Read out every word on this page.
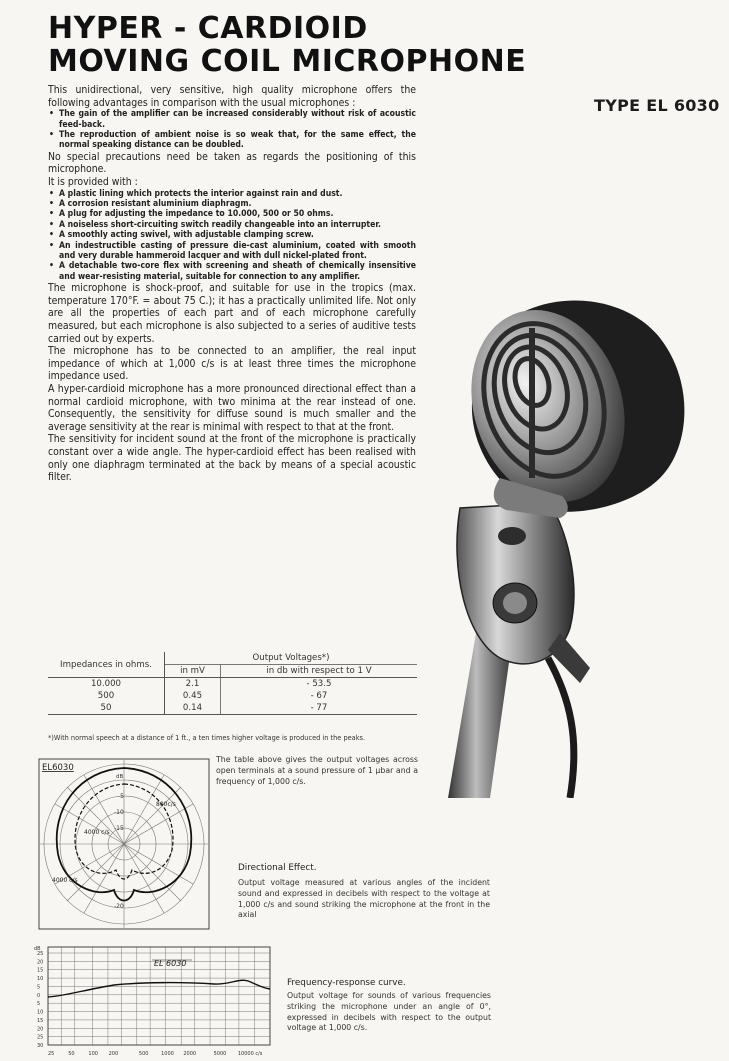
HYPER - CARDIOID
MOVING COIL MICROPHONE
TYPE EL 6030

This unidirectional, very sensitive, high quality microphone offers the following advantages in comparison with the usual microphones :

• The gain of the amplifier can be increased considerably without risk of acoustic feed-back.
• The reproduction of ambient noise is so weak that, for the same effect, the normal speaking distance can be doubled.

No special precautions need be taken as regards the positioning of this microphone.

It is provided with :

• A plastic lining which protects the interior against rain and dust.
• A corrosion resistant aluminium diaphragm.
• A plug for adjusting the impedance to 10.000, 500 or 50 ohms.
• A noiseless short-circuiting switch readily changeable into an interrupter.
• A smoothly acting swivel, with adjustable clamping screw.
• An indestructible casting of pressure die-cast aluminium, coated with smooth and very durable hammeroid lacquer and with dull nickel-plated front.
• A detachable two-core flex with screening and sheath of chemically insensitive and wear-resisting material, suitable for connection to any amplifier.

The microphone is shock-proof, and suitable for use in the tropics (max. temperature 170°F. = about 75 C.); it has a practically unlimited life. Not only are all the properties of each part and of each microphone carefully measured, but each microphone is also subjected to a series of auditive tests carried out by experts.

The microphone has to be connected to an amplifier, the real input impedance of which at 1,000 c/s is at least three times the microphone impedance used.

A hyper-cardioid microphone has a more pronounced directional effect than a normal cardioid microphone, with two minima at the rear instead of one. Consequently, the sensitivity for diffuse sound is much smaller and the average sensitivity at the rear is minimal with respect to that at the front.

The sensitivity for incident sound at the front of the microphone is practically constant over a wide angle. The hyper-cardioid effect has been realised with only one diaphragm terminated at the back by means of a special acoustic filter.

Impedances in ohms.	Output Voltages*)	
	in mV	in db with respect to 1 V
10.000	2.1	- 53.5
500	0.45	- 67
50	0.14	- 77
*)With normal speech at a distance of 1 ft., a ten times higher voltage is produced in the peaks.
EL6030
dB
-5
-10
-15
-20
800c/s
4000 c/s
4000 c/s
The table above gives the output voltages across open terminals at a sound pressure of 1 µbar and a frequency of 1,000 c/s.
Directional Effect.
Output voltage measured at various angles of the incident sound and expressed in decibels with respect to the voltage at 1,000 c/s and sound striking the microphone at the front in the axial
EL 6030
dB
25
20
15
10
5
0
5
10
15
20
25
30
25	50	100 200	500	1000 2000	5000 10000 c/s
Frequency-response curve.
Output voltage for sounds of various frequencies striking the microphone under an angle of 0°, expressed in decibels with respect to the output voltage at 1,000 c/s.
